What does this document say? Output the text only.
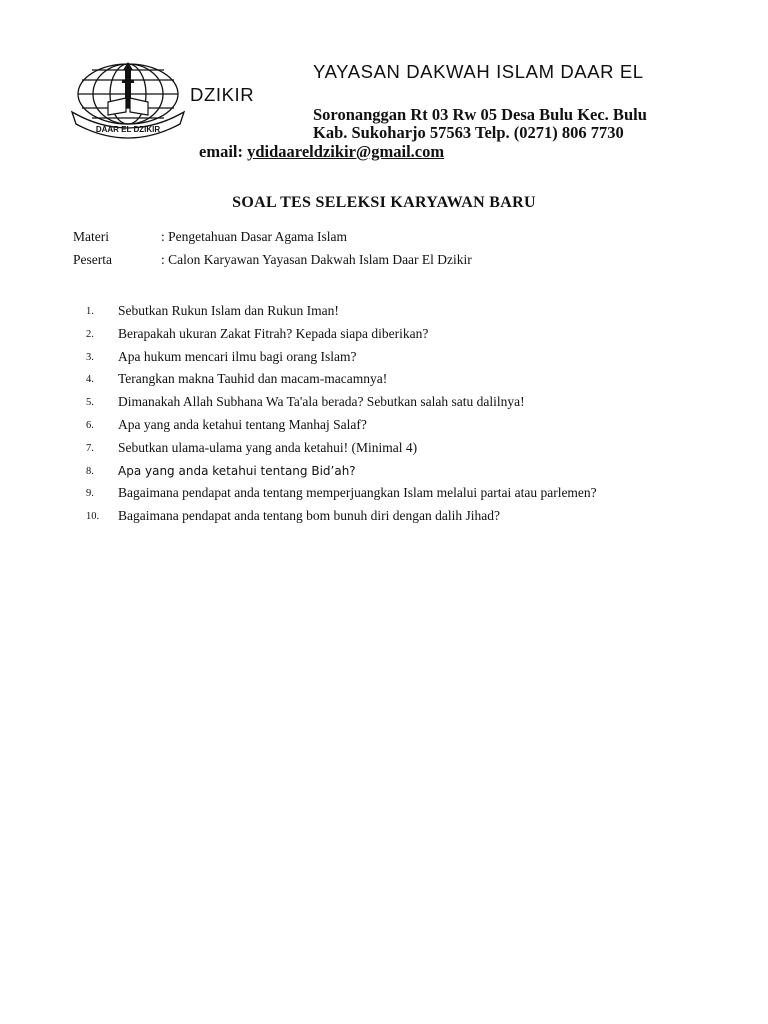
DAAR EL DZIKIR
YAYASAN DAKWAH ISLAM DAAR EL
DZIKIR
Soronanggan Rt 03 Rw 05 Desa Bulu Kec. Bulu
Kab. Sukoharjo 57563 Telp. (0271) 806 7730
email: ydidaareldzikir@gmail.com
SOAL TES SELEKSI KARYAWAN BARU
Materi	: Pengetahuan Dasar Agama Islam
Peserta	: Calon Karyawan Yayasan Dakwah Islam Daar El Dzikir
1. Sebutkan Rukun Islam dan Rukun Iman!
2. Berapakah ukuran Zakat Fitrah? Kepada siapa diberikan?
3. Apa hukum mencari ilmu bagi orang Islam?
4. Terangkan makna Tauhid dan macam-macamnya!
5. Dimanakah Allah Subhana Wa Ta'ala berada? Sebutkan salah satu dalilnya!
6. Apa yang anda ketahui tentang Manhaj Salaf?
7. Sebutkan ulama-ulama yang anda ketahui! (Minimal 4)
8. Apa yang anda ketahui tentang Bid’ah?
9. Bagaimana pendapat anda tentang memperjuangkan Islam melalui partai atau parlemen?
10. Bagaimana pendapat anda tentang bom bunuh diri dengan dalih Jihad?
